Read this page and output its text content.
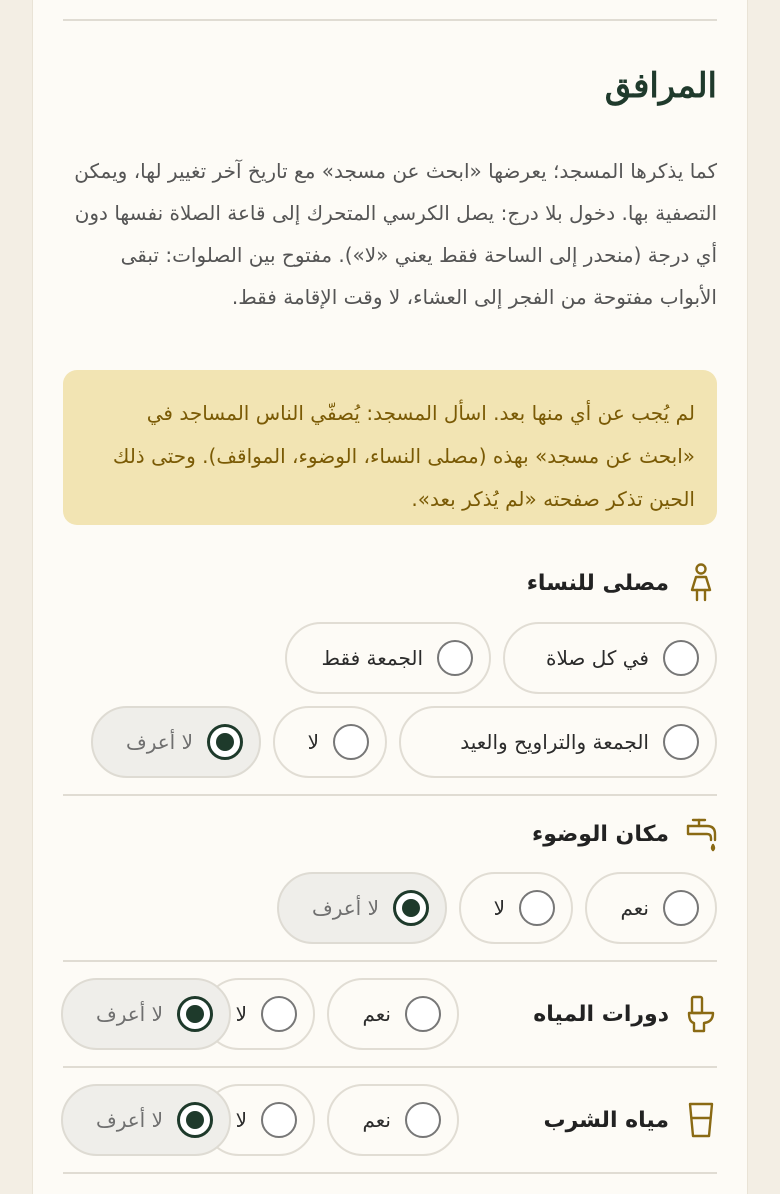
المرافق

كما يذكرها المسجد؛ يعرضها «ابحث عن مسجد» مع تاريخ آخر تغيير لها، ويمكن التصفية بها. دخول بلا درج: يصل الكرسي المتحرك إلى قاعة الصلاة نفسها دون أي درجة (منحدر إلى الساحة فقط يعني «لا»). مفتوح بين الصلوات: تبقى الأبواب مفتوحة من الفجر إلى العشاء، لا وقت الإقامة فقط.

لم يُجب عن أي منها بعد. اسأل المسجد: يُصفّي الناس المساجد في «ابحث عن مسجد» بهذه (مصلى النساء، الوضوء، المواقف). وحتى ذلك الحين تذكر صفحته «لم يُذكر بعد».
مصلى للنساء
في كل صلاة
الجمعة فقط
الجمعة والتراويح والعيد
لا
لا أعرف
مكان الوضوء
نعم
لا
لا أعرف
دورات المياه
نعم
لا
لا أعرف
مياه الشرب
نعم
لا
لا أعرف
